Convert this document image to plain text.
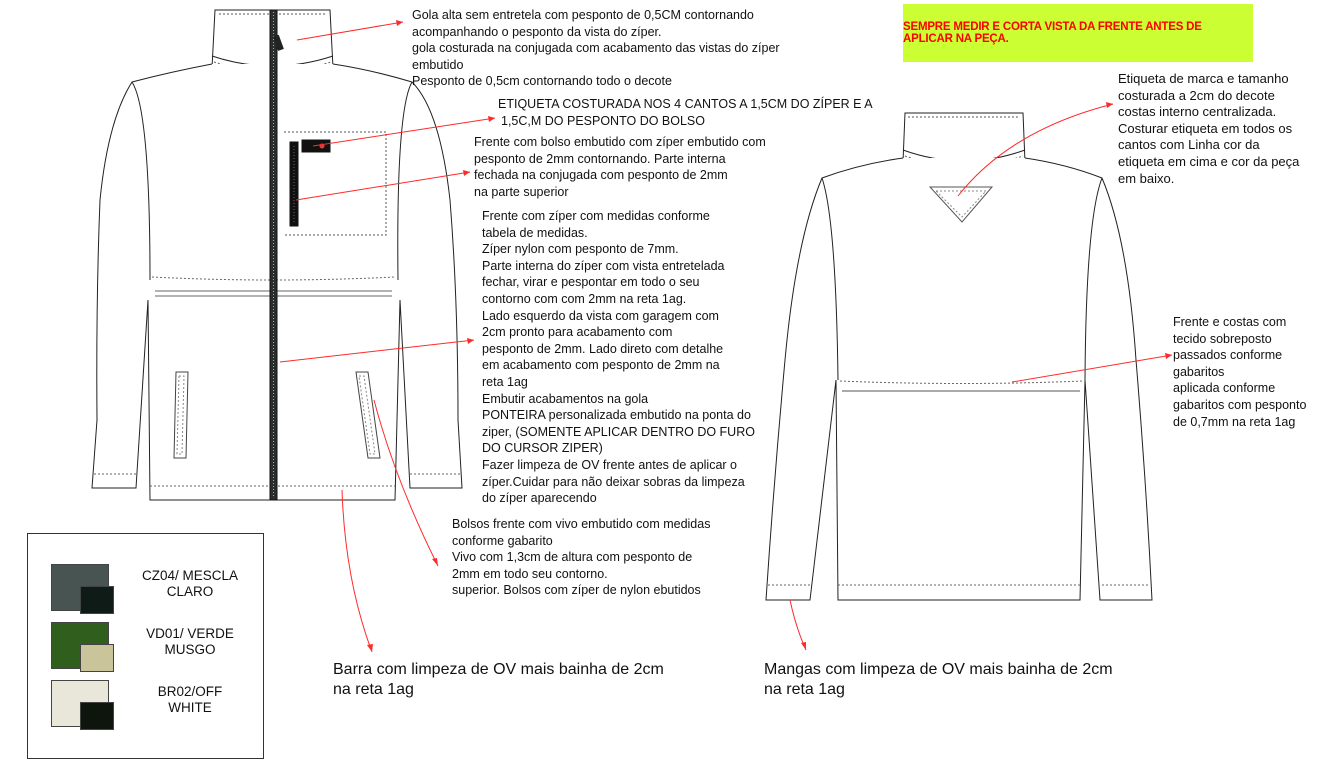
SEMPRE MEDIR E CORTA VISTA DA FRENTE ANTES DE APLICAR NA PEÇA.
Gola alta sem entretela com pesponto de 0,5CM contornando
acompanhando o pesponto da vista do zíper.
gola costurada na conjugada com acabamento das vistas do zíper
embutido
Pesponto de 0,5cm contornando todo o decote
ETIQUETA COSTURADA NOS 4 CANTOS A 1,5CM DO ZÍPER E A
1,5C,M DO PESPONTO DO BOLSO
Frente com bolso embutido com zíper embutido com
pesponto de 2mm contornando. Parte interna
fechada na conjugada com pesponto de 2mm
na parte superior
Frente com zíper com medidas conforme
tabela de medidas.
Zíper nylon com pesponto de 7mm.
Parte interna do zíper com vista entretelada
fechar, virar e pespontar em todo o seu
contorno com com 2mm na reta 1ag.
Lado esquerdo da vista com garagem com
2cm pronto para acabamento com
pesponto de 2mm. Lado direto com detalhe
em acabamento com pesponto de 2mm na
reta 1ag
Embutir acabamentos na gola
PONTEIRA personalizada embutido na ponta do
ziper, (SOMENTE APLICAR DENTRO DO FURO
DO CURSOR ZIPER)
Fazer limpeza de OV frente antes de aplicar o
zíper.Cuidar para não deixar sobras da limpeza
do zíper aparecendo
Bolsos frente com vivo embutido com medidas
conforme gabarito
Vivo com 1,3cm de altura com pesponto de
2mm em todo seu contorno.
superior. Bolsos com zíper de nylon ebutidos
Etiqueta de marca e tamanho
costurada a 2cm do decote
costas interno centralizada.
Costurar etiqueta em todos os
cantos com Linha cor da
etiqueta em cima e cor da peça
em baixo.
Frente e costas com
tecido sobreposto
passados conforme
gabaritos
aplicada conforme
gabaritos com pesponto
de 0,7mm na reta 1ag
Barra com limpeza de OV mais bainha de 2cm
na reta 1ag
Mangas com limpeza de OV mais bainha de 2cm
na reta 1ag
CZ04/ MESCLA
CLARO
VD01/ VERDE
MUSGO
BR02/OFF
WHITE
